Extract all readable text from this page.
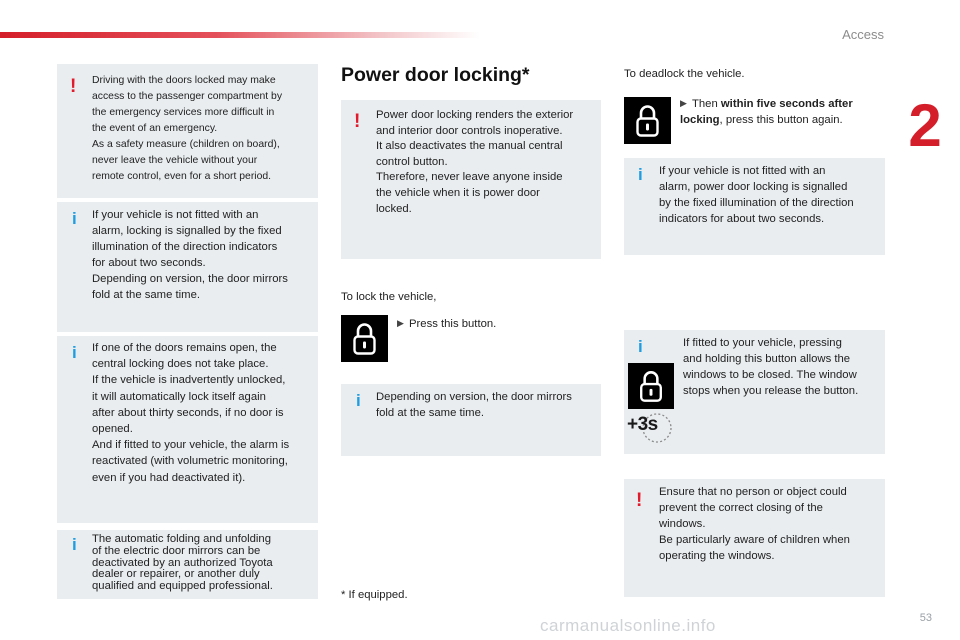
Access
2
! Driving with the doors locked may make

access to the passenger compartment by

the emergency services more difficult in

the event of an emergency.

As a safety measure (children on board),

never leave the vehicle without your

remote control, even for a short period.

i If your vehicle is not fitted with an

alarm, locking is signalled by the fixed

illumination of the direction indicators

for about two seconds.

Depending on version, the door mirrors

fold at the same time.

i If one of the doors remains open, the

central locking does not take place.

If the vehicle is inadvertently unlocked,

it will automatically lock itself again

after about thirty seconds, if no door is

opened.

And if fitted to your vehicle, the alarm is

reactivated (with volumetric monitoring,

even if you had deactivated it).

i The automatic folding and unfolding

of the electric door mirrors can be

deactivated by an authorized Toyota

dealer or repairer, or another duly

qualified and equipped professional.

Power door locking*
! Power door locking renders the exterior

and interior door controls inoperative.

It also deactivates the manual central

control button.

Therefore, never leave anyone inside

the vehicle when it is power door

locked.

To lock the vehicle,
▶ Press this button.
i Depending on version, the door mirrors

fold at the same time.

* If equipped.
To deadlock the vehicle.
▶ Then within five seconds after locking, press this button again.
i If your vehicle is not fitted with an

alarm, power door locking is signalled

by the fixed illumination of the direction

indicators for about two seconds.

i	If fitted to your vehicle, pressing

and holding this button allows the

windows to be closed. The window

stops when you release the button.

+3s
! Ensure that no person or object could

prevent the correct closing of the

windows.

Be particularly aware of children when

operating the windows.

53
carmanualsonline.info
